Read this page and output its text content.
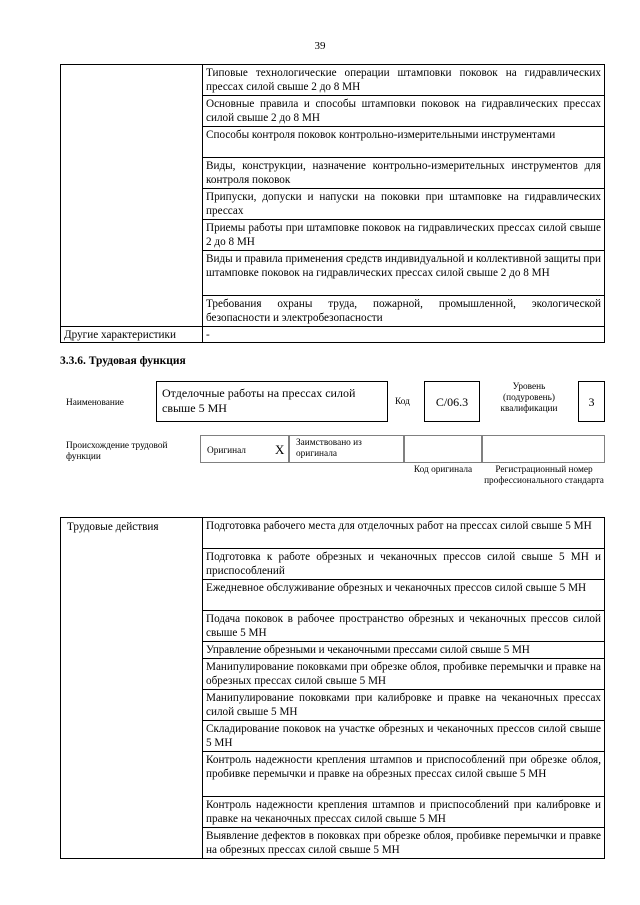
39
	Типовые технологические операции штамповки поковок на гидравлических прессах силой свыше 2 до 8 МН
	Основные правила и способы штамповки поковок на гидравлических прессах силой свыше 2 до 8 МН
	Способы контроля поковок контрольно-измерительными инструментами
	Виды, конструкции, назначение контрольно-измерительных инструментов для контроля поковок
	Припуски, допуски и напуски на поковки при штамповке на гидравлических прессах
	Приемы работы при штамповке поковок на гидравлических прессах силой свыше 2 до 8 МН
	Виды и правила применения средств индивидуальной и коллективной защиты при штамповке поковок на гидравлических прессах силой свыше 2 до 8 МН
	Требования охраны труда, пожарной, промышленной, экологической безопасности и электробезопасности
Другие характеристики	-
3.3.6. Трудовая функция
Наименование
Отделочные работы на прессах силой свыше 5 МН	Код	С/06.3
Уровень (подуровень) квалификации	3
Происхождение трудовой функции
Оригинал Х Заимствовано из оригинала
Код оригинала	Регистрационный номер профессионального стандарта
Трудовые действия	Подготовка рабочего места для отделочных работ на прессах силой свыше 5 МН
Подготовка к работе обрезных и чеканочных прессов силой свыше 5 МН и приспособлений
Ежедневное обслуживание обрезных и чеканочных прессов силой свыше 5 МН
Подача поковок в рабочее пространство обрезных и чеканочных прессов силой свыше 5 МН
Управление обрезными и чеканочными прессами силой свыше 5 МН
Манипулирование поковками при обрезке облоя, пробивке перемычки и правке на обрезных прессах силой свыше 5 МН
Манипулирование поковками при калибровке и правке на чеканочных прессах силой свыше 5 МН
Складирование поковок на участке обрезных и чеканочных прессов силой свыше 5 МН
Контроль надежности крепления штампов и приспособлений при обрезке облоя, пробивке перемычки и правке на обрезных прессах силой свыше 5 МН
Контроль надежности крепления штампов и приспособлений при калибровке и правке на чеканочных прессах силой свыше 5 МН
Выявление дефектов в поковках при обрезке облоя, пробивке перемычки и правке на обрезных прессах силой свыше 5 МН
